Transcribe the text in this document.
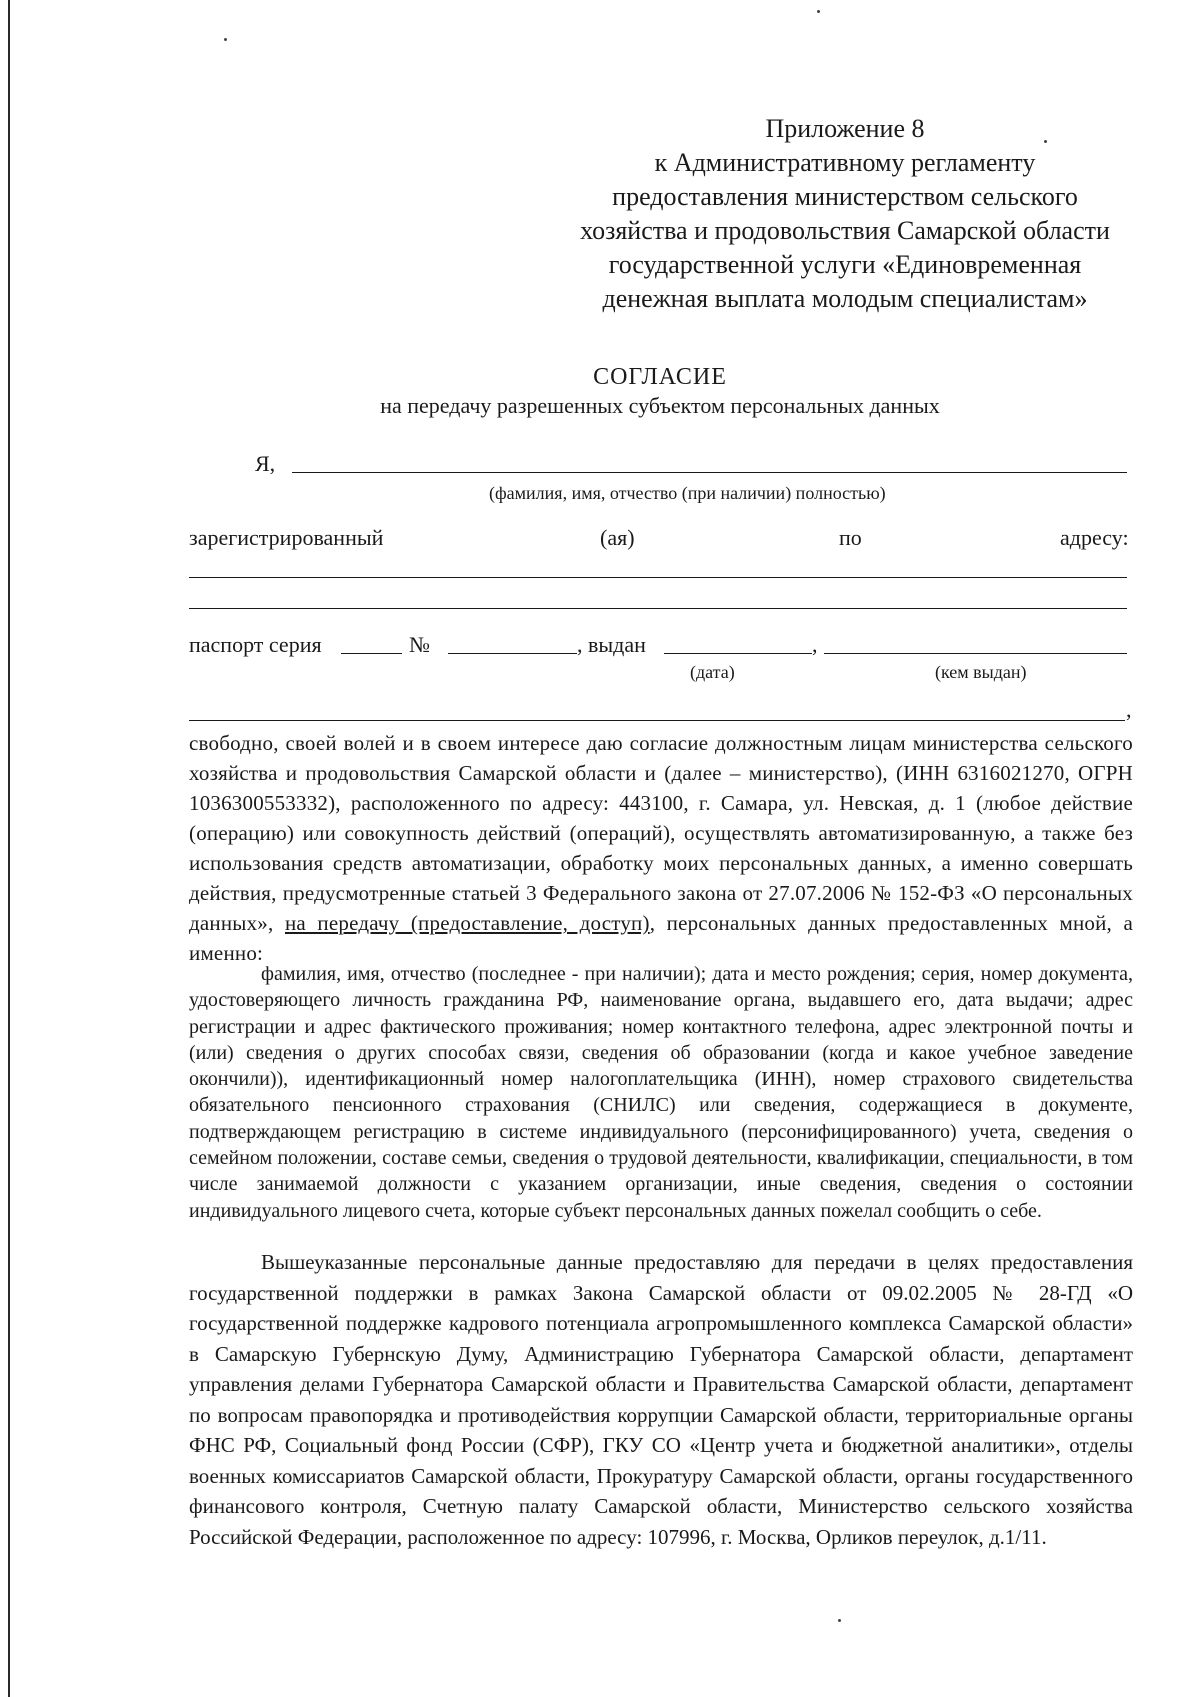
Приложение 8
к Административному регламенту
предоставления министерством сельского
хозяйства и продовольствия Самарской области
государственной услуги «Единовременная
денежная выплата молодым специалистам»
СОГЛАСИЕ
на передачу разрешенных субъектом персональных данных
Я,
(фамилия, имя, отчество (при наличии) полностью)
зарегистрированный	(ая)	по	адресу:
паспорт серия	№	, выдан	,
(дата)	(кем выдан)
,
свободно, своей волей и в своем интересе даю согласие должностным лицам министерства сельского хозяйства и продовольствия Самарской области и (далее – министерство), (ИНН 6316021270, ОГРН 1036300553332), расположенного по адресу: 443100, г. Самара, ул. Невская, д. 1 (любое действие (операцию) или совокупность действий (операций), осуществлять автоматизированную, а также без использования средств автоматизации, обработку моих персональных данных, а именно совершать действия, предусмотренные статьей 3 Федерального закона от 27.07.2006 № 152-ФЗ «О персональных данных», на передачу (предоставление, доступ), персональных данных предоставленных мной, а именно:
фамилия, имя, отчество (последнее - при наличии); дата и место рождения; серия, номер документа, удостоверяющего личность гражданина РФ, наименование органа, выдавшего его, дата выдачи; адрес регистрации и адрес фактического проживания; номер контактного телефона, адрес электронной почты и (или) сведения о других способах связи, сведения об образовании (когда и какое учебное заведение окончили)), идентификационный номер налогоплательщика (ИНН), номер страхового свидетельства обязательного пенсионного страхования (СНИЛС) или сведения, содержащиеся в документе, подтверждающем регистрацию в системе индивидуального (персонифицированного) учета, сведения о семейном положении, составе семьи, сведения о трудовой деятельности, квалификации, специальности, в том числе занимаемой должности с указанием организации, иные сведения, сведения о состоянии индивидуального лицевого счета, которые субъект персональных данных пожелал сообщить о себе.
Вышеуказанные персональные данные предоставляю для передачи в целях предоставления государственной поддержки в рамках Закона Самарской области от 09.02.2005 № 28-ГД «О государственной поддержке кадрового потенциала агропромышленного комплекса Самарской области» в Самарскую Губернскую Думу, Администрацию Губернатора Самарской области, департамент управления делами Губернатора Самарской области и Правительства Самарской области, департамент по вопросам правопорядка и противодействия коррупции Самарской области, территориальные органы ФНС РФ, Социальный фонд России (СФР), ГКУ СО «Центр учета и бюджетной аналитики», отделы военных комиссариатов Самарской области, Прокуратуру Самарской области, органы государственного финансового контроля, Счетную палату Самарской области, Министерство сельского хозяйства Российской Федерации, расположенное по адресу: 107996, г. Москва, Орликов переулок, д.1/11.
